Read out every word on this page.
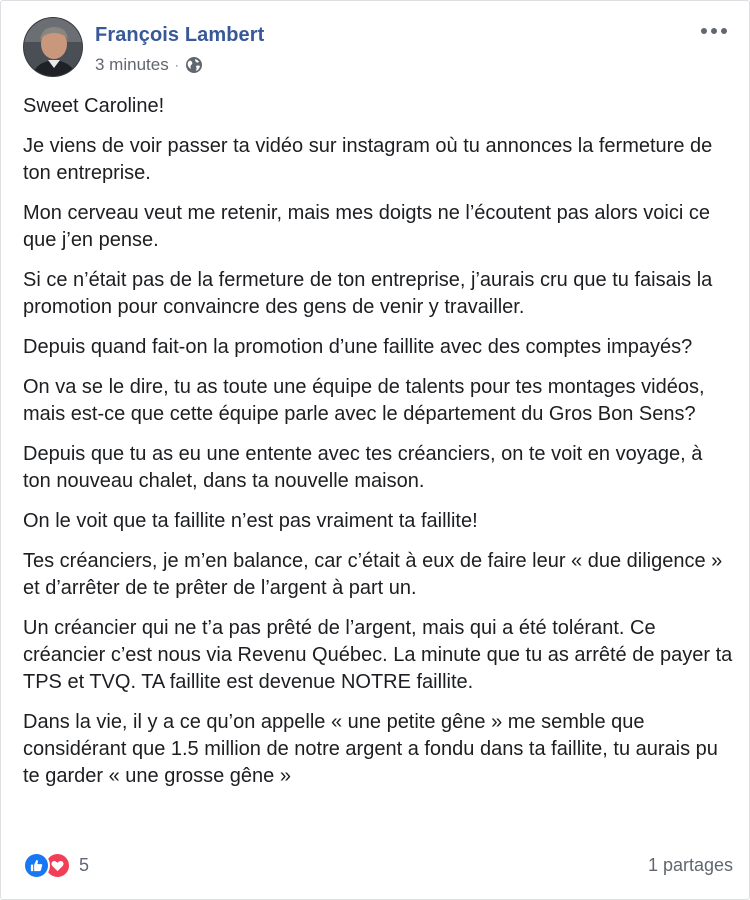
François Lambert
3 minutes ·

Sweet Caroline!

Je viens de voir passer ta vidéo sur instagram où tu annonces la fermeture de ton entreprise.

Mon cerveau veut me retenir, mais mes doigts ne l’écoutent pas alors voici ce que j’en pense.

Si ce n’était pas de la fermeture de ton entreprise, j’aurais cru que tu faisais la promotion pour convaincre des gens de venir y travailler.

Depuis quand fait-on la promotion d’une faillite avec des comptes impayés?

On va se le dire, tu as toute une équipe de talents pour tes montages vidéos, mais est-ce que cette équipe parle avec le département du Gros Bon Sens?

Depuis que tu as eu une entente avec tes créanciers, on te voit en voyage, à ton nouveau chalet, dans ta nouvelle maison.

On le voit que ta faillite n’est pas vraiment ta faillite!

Tes créanciers, je m’en balance, car c’était à eux de faire leur « due diligence » et d’arrêter de te prêter de l’argent à part un.

Un créancier qui ne t’a pas prêté de l’argent, mais qui a été tolérant. Ce créancier c’est nous via Revenu Québec. La minute que tu as arrêté de payer ta TPS et TVQ. TA faillite est devenue NOTRE faillite.

Dans la vie, il y a ce qu’on appelle « une petite gêne » me semble que considérant que 1.5 million de notre argent a fondu dans ta faillite, tu aurais pu te garder « une grosse gêne »

5	1 partages
